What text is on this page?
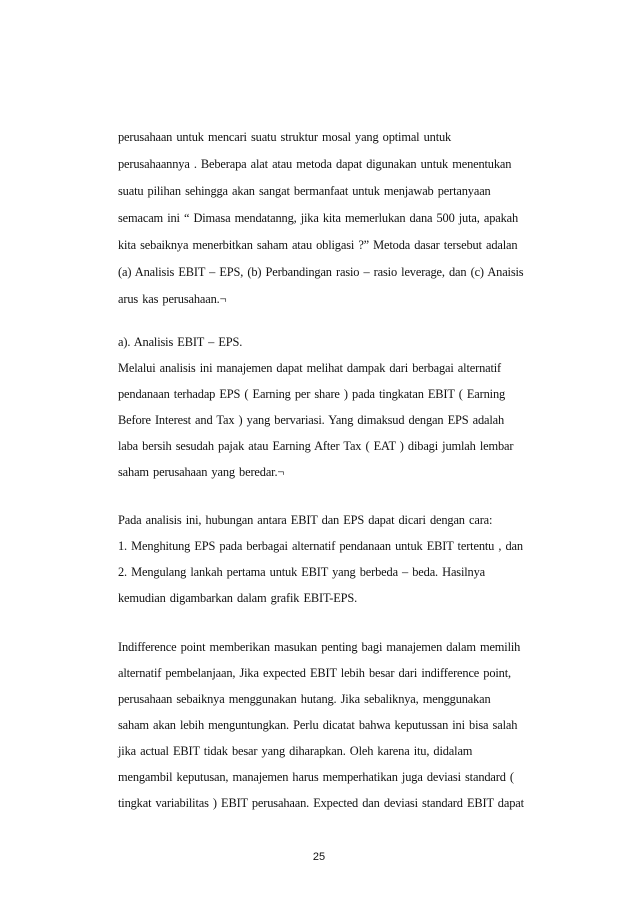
perusahaan untuk mencari suatu struktur mosal yang optimal untuk

perusahaannya . Beberapa alat atau metoda dapat digunakan untuk menentukan

suatu pilihan sehingga akan sangat bermanfaat untuk menjawab pertanyaan

semacam ini “ Dimasa mendatanng, jika kita memerlukan dana 500 juta, apakah

kita sebaiknya menerbitkan saham atau obligasi ?” Metoda dasar tersebut adalan

(a) Analisis EBIT – EPS, (b) Perbandingan rasio – rasio leverage, dan (c) Anaisis

arus kas perusahaan.¬

a). Analisis EBIT – EPS.

Melalui analisis ini manajemen dapat melihat dampak dari berbagai alternatif

pendanaan terhadap EPS ( Earning per share ) pada tingkatan EBIT ( Earning

Before Interest and Tax ) yang bervariasi. Yang dimaksud dengan EPS adalah

laba bersih sesudah pajak atau Earning After Tax ( EAT ) dibagi jumlah lembar

saham perusahaan yang beredar.¬

Pada analisis ini, hubungan antara EBIT dan EPS dapat dicari dengan cara:

1. Menghitung EPS pada berbagai alternatif pendanaan untuk EBIT tertentu , dan

2. Mengulang lankah pertama untuk EBIT yang berbeda – beda. Hasilnya

kemudian digambarkan dalam grafik EBIT-EPS.

Indifference point memberikan masukan penting bagi manajemen dalam memilih

alternatif pembelanjaan, Jika expected EBIT lebih besar dari indifference point,

perusahaan sebaiknya menggunakan hutang. Jika sebaliknya, menggunakan

saham akan lebih menguntungkan. Perlu dicatat bahwa keputussan ini bisa salah

jika actual EBIT tidak besar yang diharapkan. Oleh karena itu, didalam

mengambil keputusan, manajemen harus memperhatikan juga deviasi standard (

tingkat variabilitas ) EBIT perusahaan. Expected dan deviasi standard EBIT dapat

25
